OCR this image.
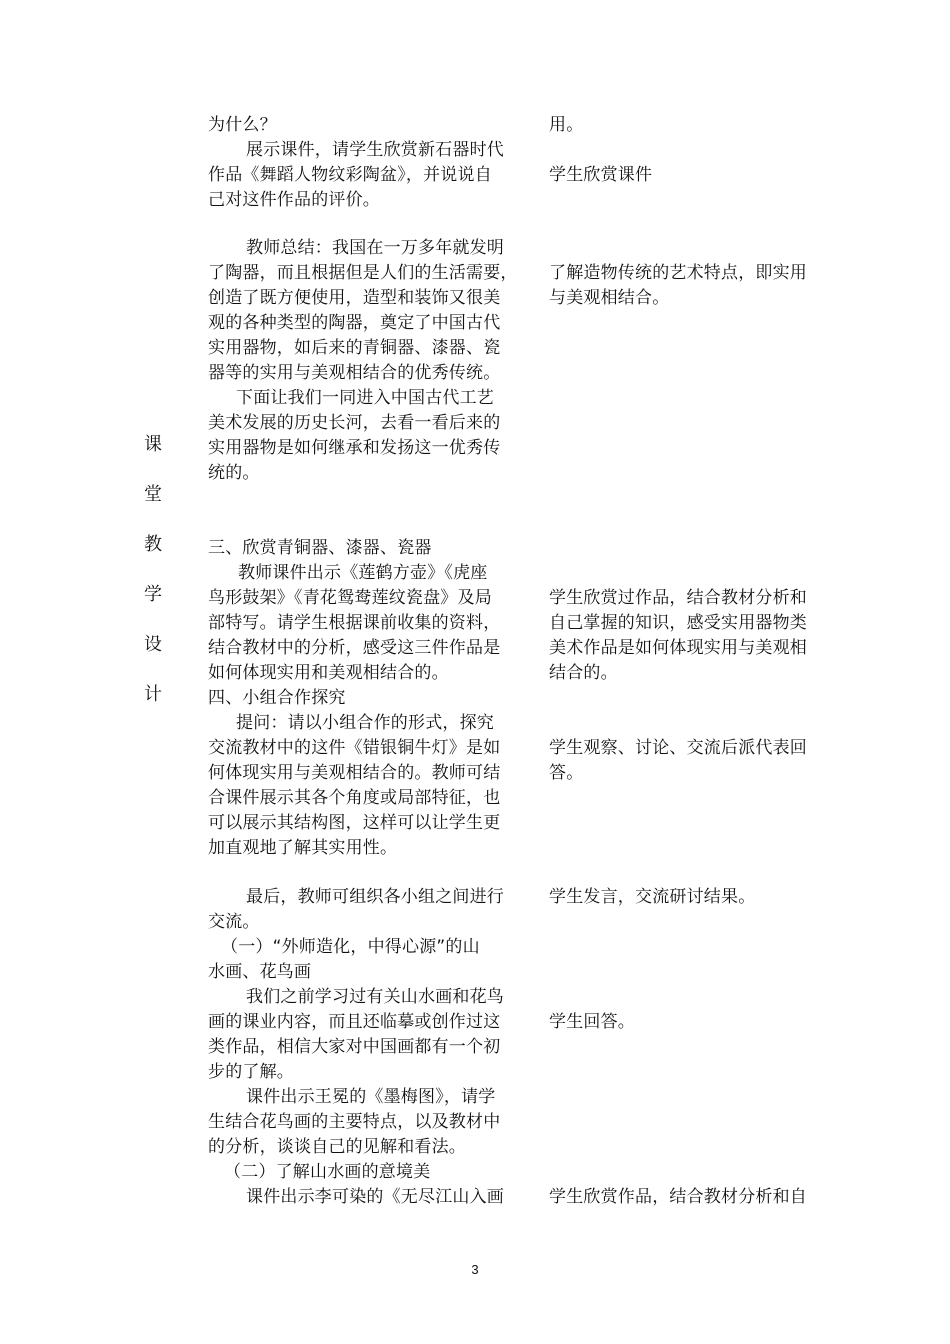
课
堂
教
学
设
计
为什么？
展示课件，请学生欣赏新石器时代
作品《舞蹈人物纹彩陶盆》，并说说自
己对这件作品的评价。
教师总结：我国在一万多年就发明
了陶器，而且根据但是人们的生活需要，
创造了既方便使用，造型和装饰又很美
观的各种类型的陶器，奠定了中国古代
实用器物，如后来的青铜器、漆器、瓷
器等的实用与美观相结合的优秀传统。
下面让我们一同进入中国古代工艺
美术发展的历史长河，去看一看后来的
实用器物是如何继承和发扬这一优秀传
统的。
三、欣赏青铜器、漆器、瓷器
教师课件出示《莲鹤方壶》《虎座
鸟形鼓架》《青花鸳鸯莲纹瓷盘》及局
部特写。请学生根据课前收集的资料，
结合教材中的分析，感受这三件作品是
如何体现实用和美观相结合的。
四、小组合作探究
提问：请以小组合作的形式，探究
交流教材中的这件《错银铜牛灯》是如
何体现实用与美观相结合的。教师可结
合课件展示其各个角度或局部特征，也
可以展示其结构图，这样可以让学生更
加直观地了解其实用性。
最后，教师可组织各小组之间进行
交流。
（一）“外师造化，中得心源”的山
水画、花鸟画
我们之前学习过有关山水画和花鸟
画的课业内容，而且还临摹或创作过这
类作品，相信大家对中国画都有一个初
步的了解。
课件出示王冕的《墨梅图》，请学
生结合花鸟画的主要特点，以及教材中
的分析，谈谈自己的见解和看法。
（二）了解山水画的意境美
课件出示李可染的《无尽江山入画
用。
学生欣赏课件
了解造物传统的艺术特点，即实用
与美观相结合。
学生欣赏过作品，结合教材分析和
自己掌握的知识，感受实用器物类
美术作品是如何体现实用与美观相
结合的。
学生观察、讨论、交流后派代表回
答。
学生发言，交流研讨结果。
学生回答。
学生欣赏作品，结合教材分析和自
3
